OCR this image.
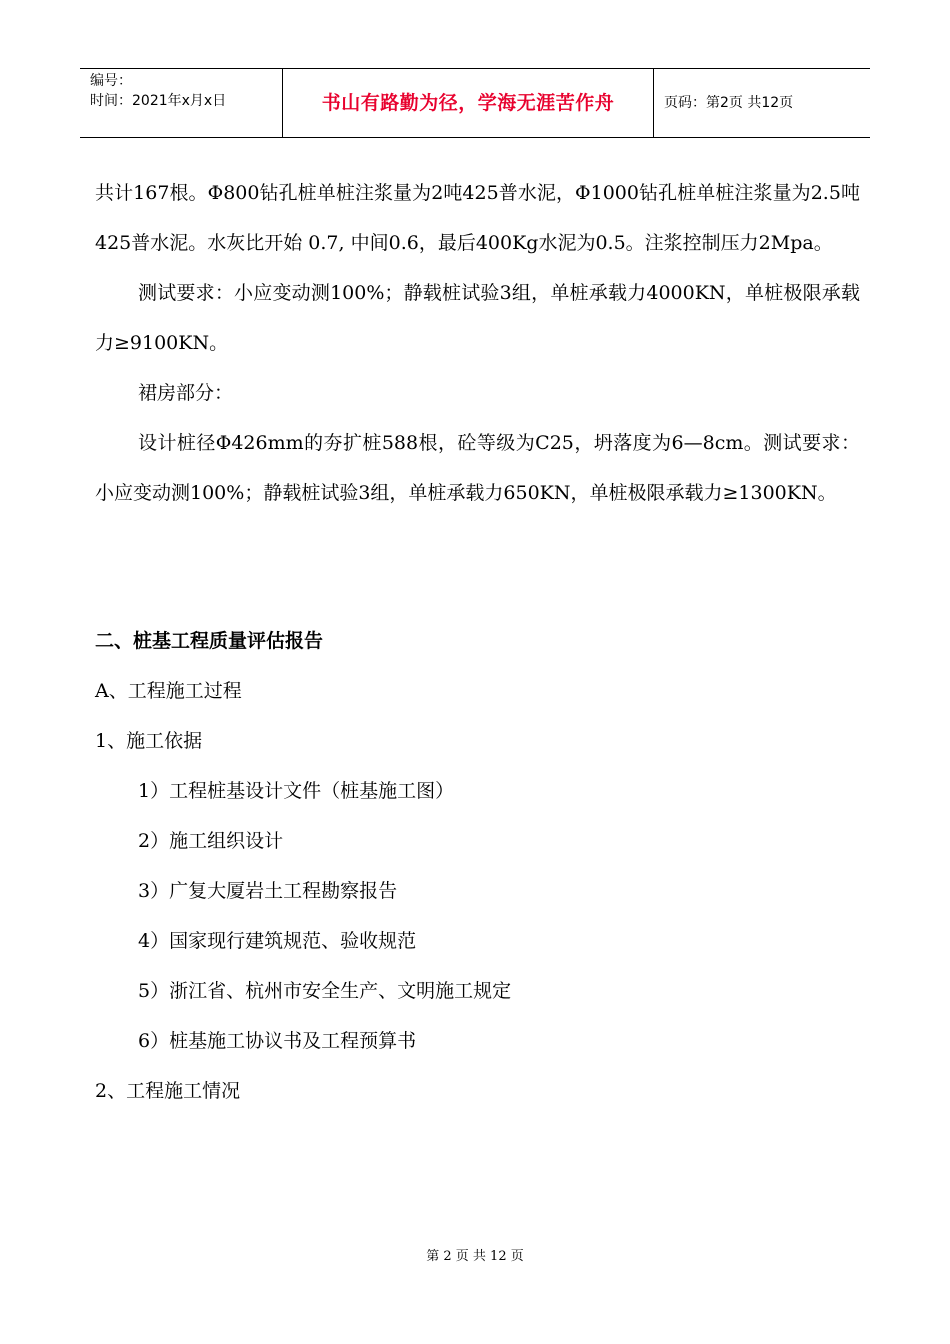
编号：
时间：2021年x月x日	书山有路勤为径，学海无涯苦作舟	页码：第2页 共12页

共计167根。Φ800钻孔桩单桩注浆量为2吨425普水泥，Φ1000钻孔桩单桩注浆量为2.5吨425普水泥。水灰比开始 0.7, 中间0.6，最后400Kg水泥为0.5。注浆控制压力2Mpa。

测试要求：小应变动测100%；静载桩试验3组，单桩承载力4000KN，单桩极限承载力≥9100KN。

裙房部分：

设计桩径Φ426mm的夯扩桩588根，砼等级为C25，坍落度为6—8cm。测试要求：小应变动测100%；静载桩试验3组，单桩承载力650KN，单桩极限承载力≥1300KN。

二、桩基工程质量评估报告

A、工程施工过程

1、施工依据

1）工程桩基设计文件（桩基施工图）

2）施工组织设计

3）广复大厦岩土工程勘察报告

4）国家现行建筑规范、验收规范

5）浙江省、杭州市安全生产、文明施工规定

6）桩基施工协议书及工程预算书

2、工程施工情况

第 2 页 共 12 页
